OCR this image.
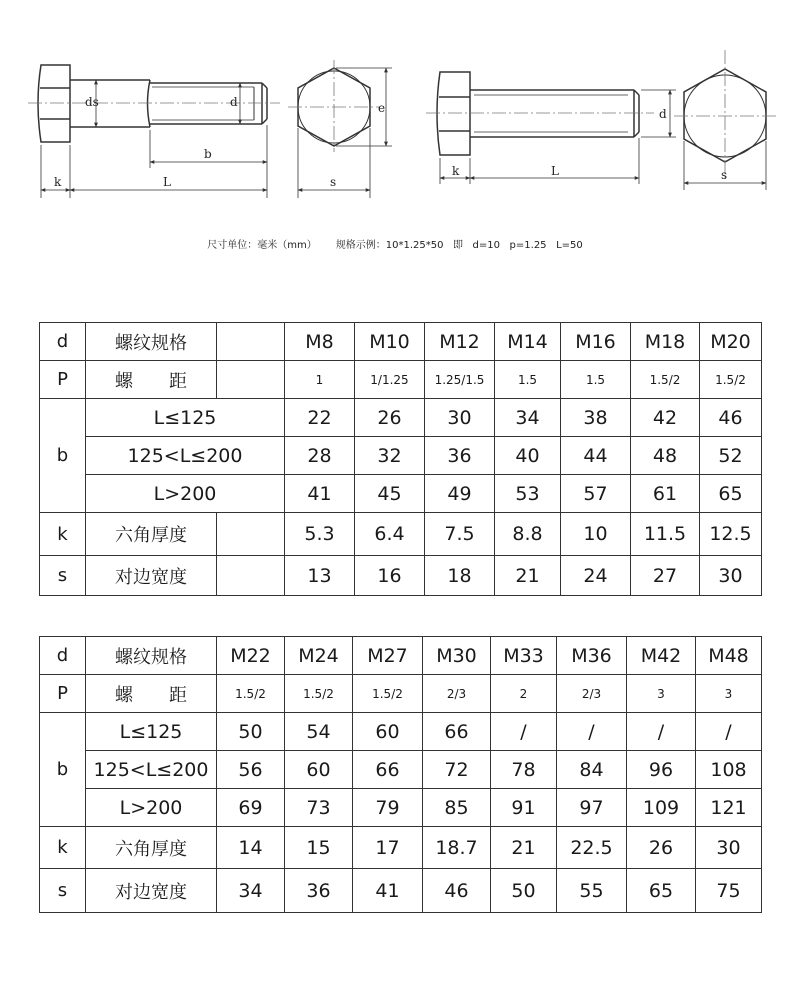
k	L
b
ds	d
s
e
k	L
d
s
尺寸单位：毫米（mm）      规格示例：10*1.25*50   即   d=10   p=1.25   L=50
d	螺纹规格		M8	M10	M12	M14	M16	M18	M20
P	螺　　距		1	1/1.25	1.25/1.5	1.5	1.5	1.5/2	1.5/2
b	L≤125		22	26	30	34	38	42	46
	125<L≤200		28	32	36	40	44	48	52
	L>200		41	45	49	53	57	61	65
k	六角厚度		5.3	6.4	7.5	8.8	10	11.5	12.5
s	对边宽度		13	16	18	21	24	27	30
d	螺纹规格	M22	M24	M27	M30	M33	M36	M42	M48
P	螺　　距	1.5/2	1.5/2	1.5/2	2/3	2	2/3	3	3
b	L≤125	50	54	60	66	/	/	/	/
	125<L≤200	56	60	66	72	78	84	96	108
	L>200	69	73	79	85	91	97	109	121
k	六角厚度	14	15	17	18.7	21	22.5	26	30
s	对边宽度	34	36	41	46	50	55	65	75
